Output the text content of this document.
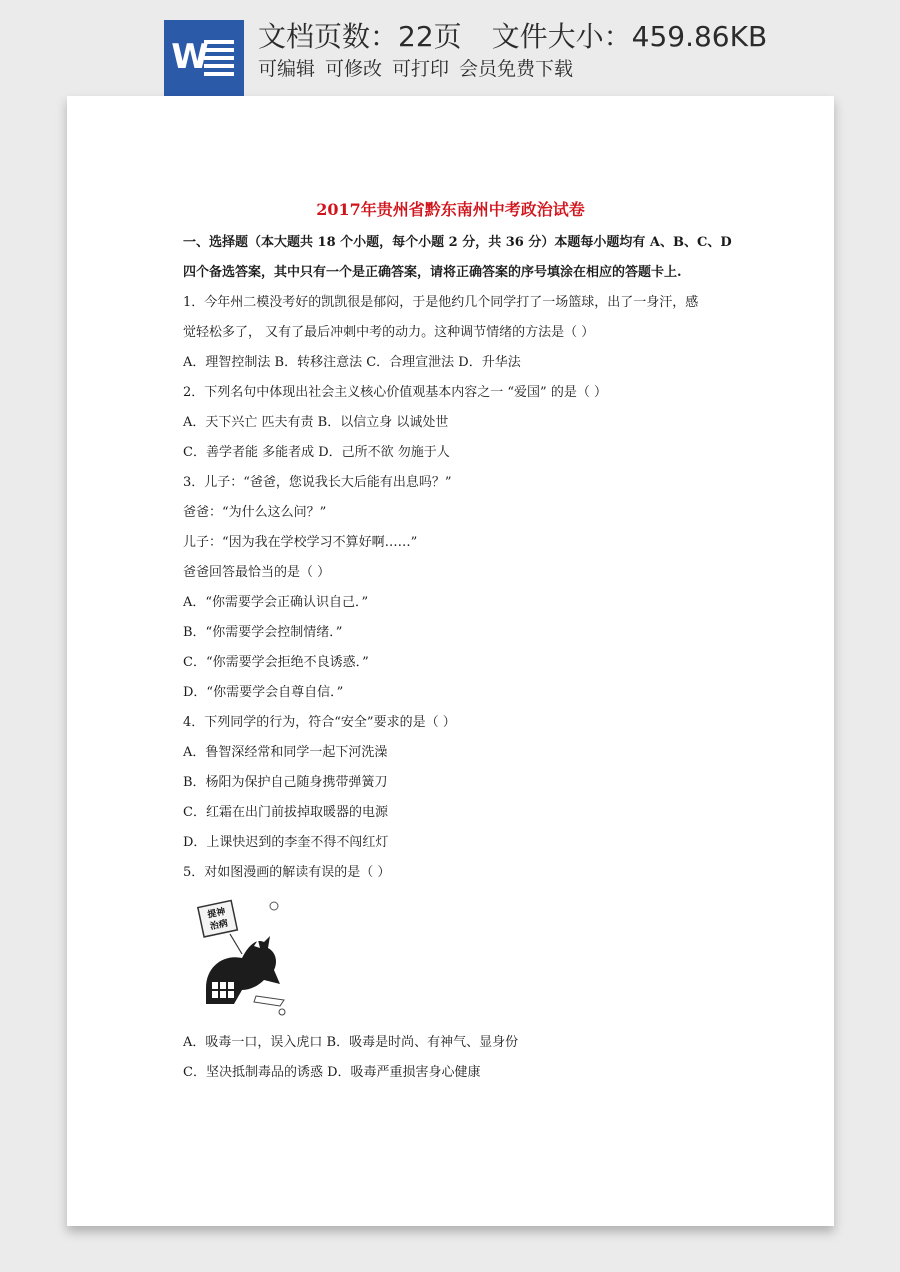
W
文档页数：22页 文件大小：459.86KB
可编辑 可修改 可打印 会员免费下载
2017年贵州省黔东南州中考政治试卷
一、选择题（本大题共 18 个小题，每个小题 2 分，共 36 分）本题每小题均有 A、B、C、D
四个备选答案，其中只有一个是正确答案，请将正确答案的序号填涂在相应的答题卡上.
1．今年州二模没考好的凯凯很是郁闷，于是他约几个同学打了一场篮球，出了一身汗，感
觉轻松多了， 又有了最后冲刺中考的动力。这种调节情绪的方法是（ ）
A．理智控制法 B．转移注意法 C．合理宣泄法 D．升华法
2．下列名句中体现出社会主义核心价值观基本内容之一 “爱国” 的是（ ）
A．天下兴亡 匹夫有责 B．以信立身 以诚处世
C．善学者能 多能者成 D．己所不欲 勿施于人
3．儿子：“爸爸，您说我长大后能有出息吗？”
爸爸：“为什么这么问？”
儿子：“因为我在学校学习不算好啊……”
爸爸回答最恰当的是（ ）
A．“你需要学会正确认识自己．”
B．“你需要学会控制情绪．”
C．“你需要学会拒绝不良诱惑．”
D．“你需要学会自尊自信．”
4．下列同学的行为，符合“安全”要求的是（ ）
A．鲁智深经常和同学一起下河洗澡
B．杨阳为保护自己随身携带弹簧刀
C．红霜在出门前拔掉取暖器的电源
D．上课快迟到的李奎不得不闯红灯
5．对如图漫画的解读有误的是（ ）
提神
治病
A．吸毒一口，误入虎口 B．吸毒是时尚、有神气、显身份
C．坚决抵制毒品的诱惑 D．吸毒严重损害身心健康
